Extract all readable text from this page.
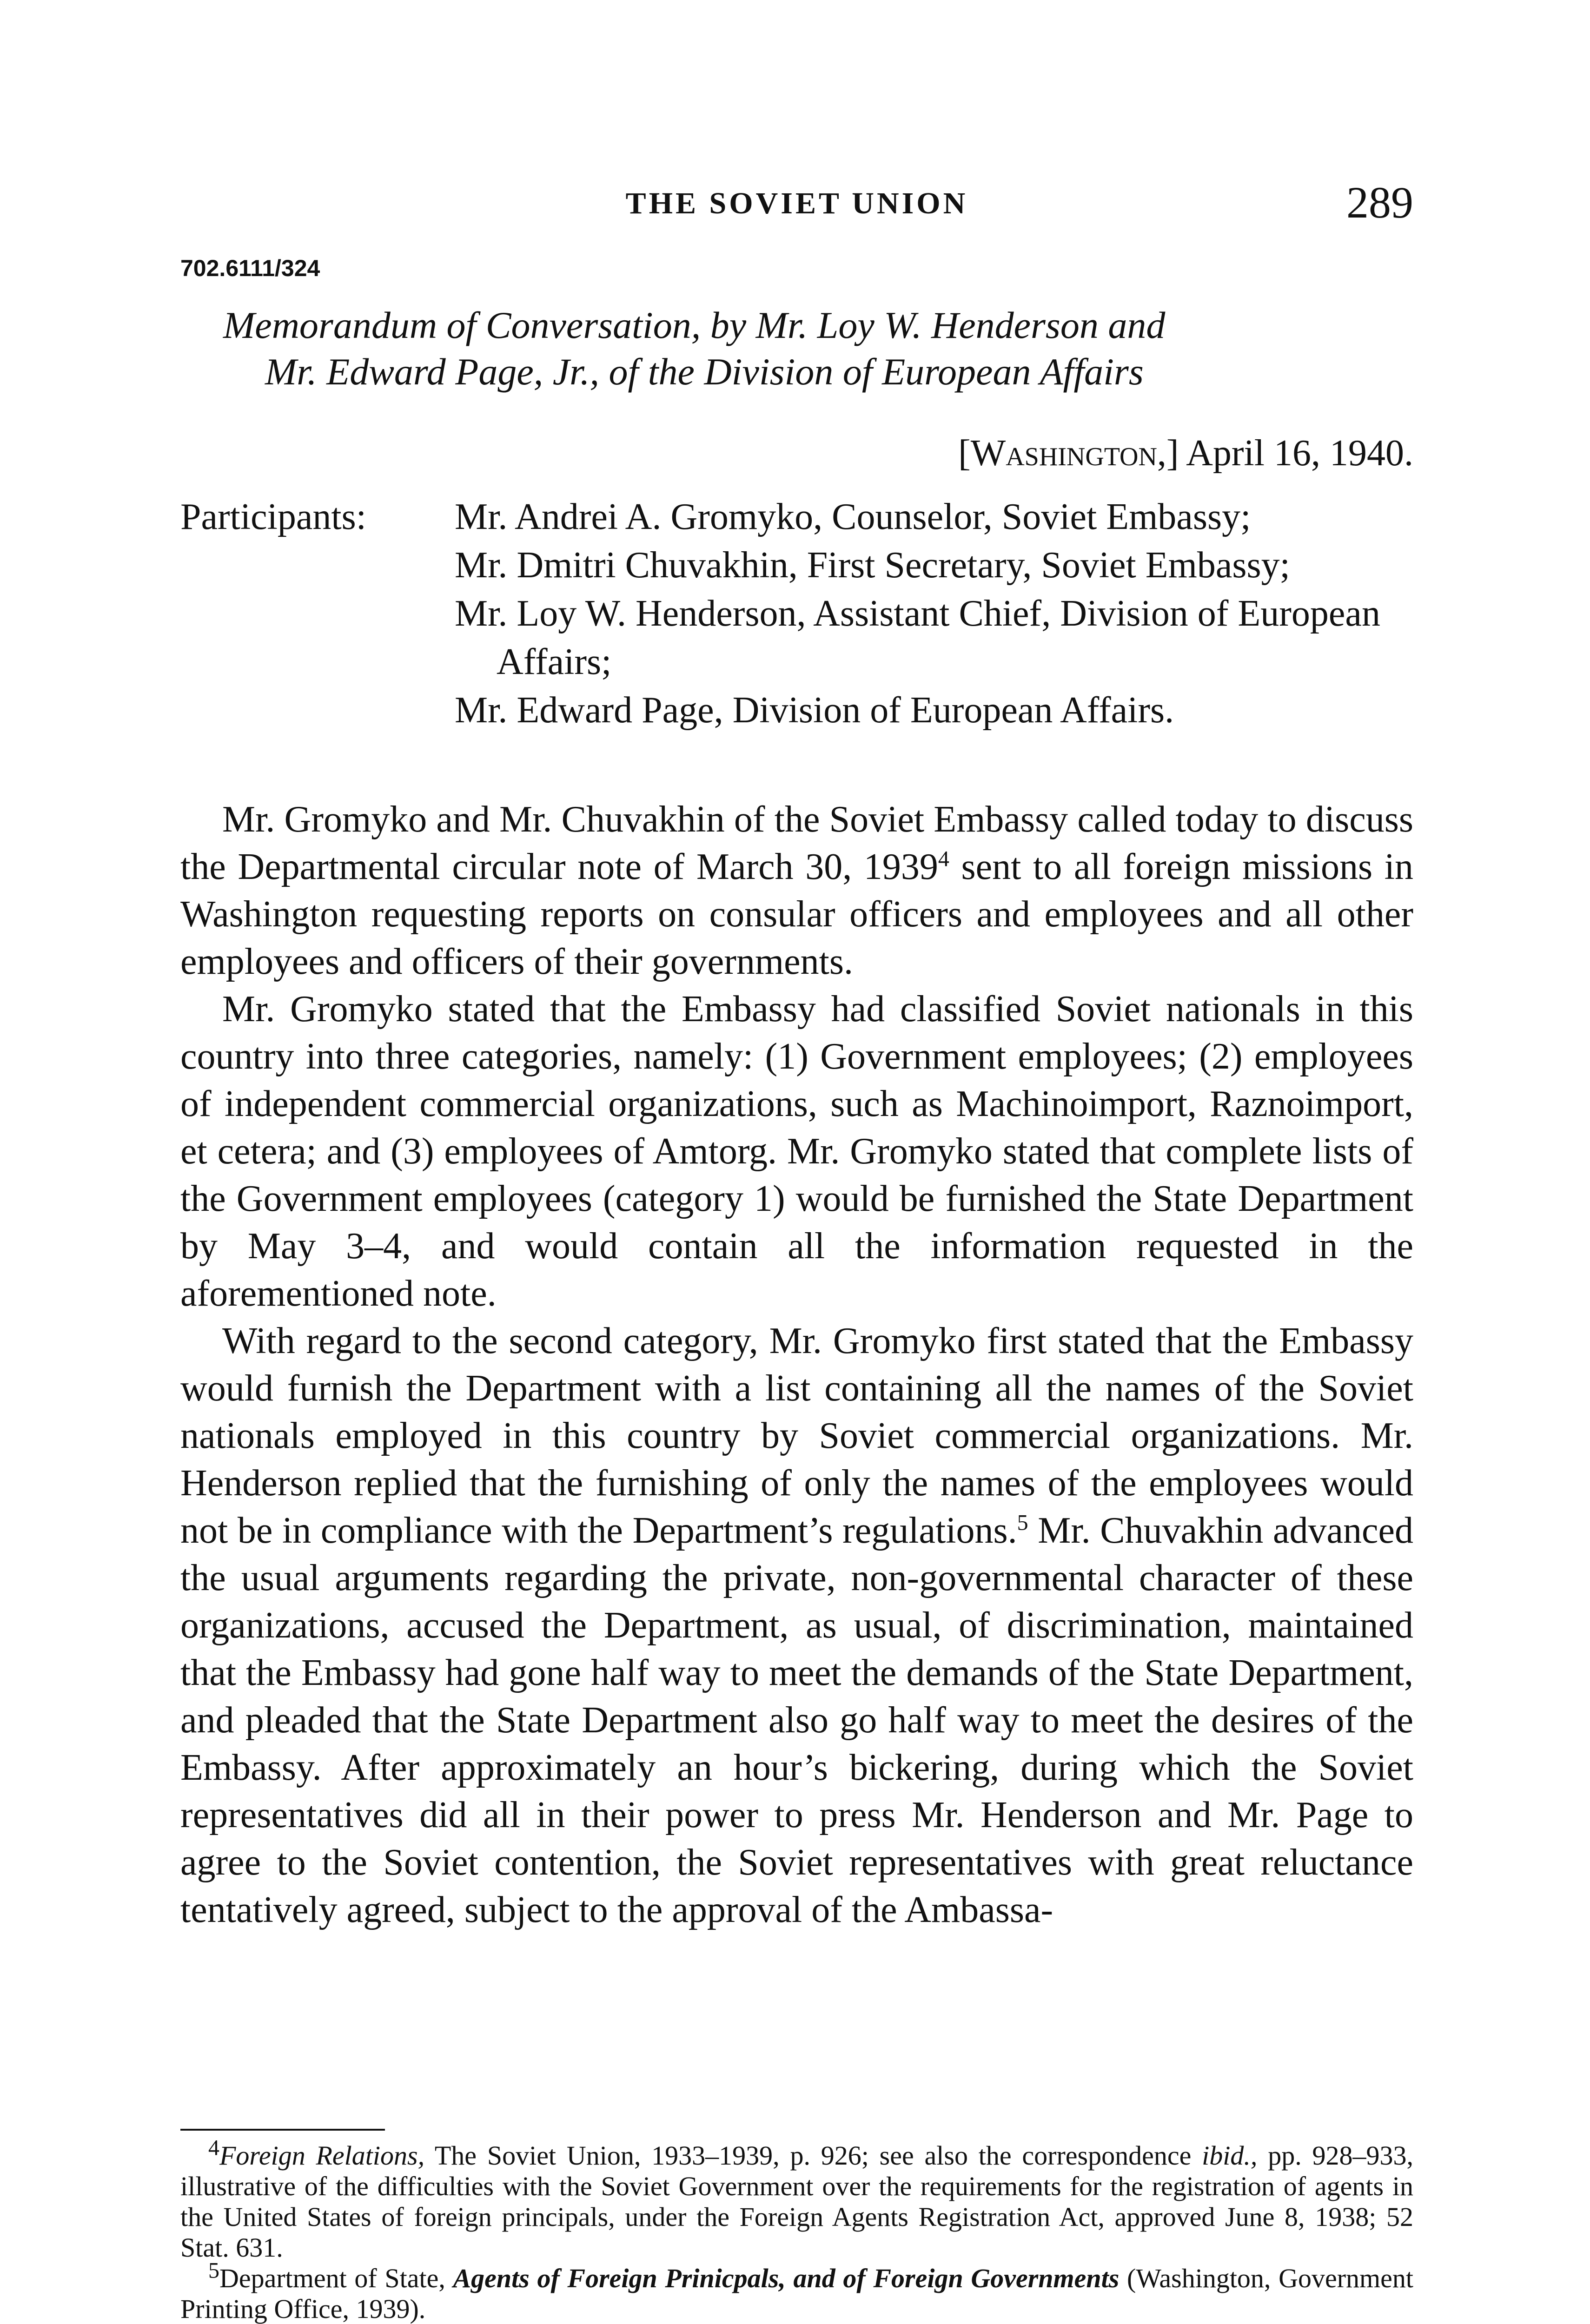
THE SOVIET UNION	289
702.6111/324
Memorandum of Conversation, by Mr. Loy W. Henderson and
Mr. Edward Page, Jr., of the Division of European Affairs
[Washington,] April 16, 1940.
Participants: Mr. Andrei A. Gromyko, Counselor, Soviet Embassy;

Mr. Dmitri Chuvakhin, First Secretary, Soviet Embassy;

Mr. Loy W. Henderson, Assistant Chief, Division of European Affairs;

Mr. Edward Page, Division of European Affairs.

Mr. Gromyko and Mr. Chuvakhin of the Soviet Embassy called today to discuss the Departmental circular note of March 30, 1939$^4$ sent to all foreign missions in Washington requesting reports on consular officers and employees and all other employees and officers of their governments.

Mr. Gromyko stated that the Embassy had classified Soviet nationals in this country into three categories, namely: (1) Government employees; (2) employees of independent commercial organizations, such as Machinoimport, Raznoimport, et cetera; and (3) employees of Amtorg. Mr. Gromyko stated that complete lists of the Government employees (category 1) would be furnished the State Department by May 3–4, and would contain all the information requested in the aforementioned note.

With regard to the second category, Mr. Gromyko first stated that the Embassy would furnish the Department with a list containing all the names of the Soviet nationals employed in this country by Soviet commercial organizations. Mr. Henderson replied that the furnishing of only the names of the employees would not be in compliance with the Department’s regulations.$^5$ Mr. Chuvakhin advanced the usual arguments regarding the private, non-governmental character of these organizations, accused the Department, as usual, of discrimination, maintained that the Embassy had gone half way to meet the demands of the State Department, and pleaded that the State Department also go half way to meet the desires of the Embassy. After approximately an hour’s bickering, during which the Soviet representatives did all in their power to press Mr. Henderson and Mr. Page to agree to the Soviet contention, the Soviet representatives with great reluctance tentatively agreed, subject to the approval of the Ambassa-

$^4$Foreign Relations, The Soviet Union, 1933–1939, p. 926; see also the correspondence ibid., pp. 928–933, illustrative of the difficulties with the Soviet Government over the requirements for the registration of agents in the United States of foreign principals, under the Foreign Agents Registration Act, approved June 8, 1938; 52 Stat. 631.

$^5$Department of State, Agents of Foreign Prinicpals, and of Foreign Governments (Washington, Government Printing Office, 1939).
